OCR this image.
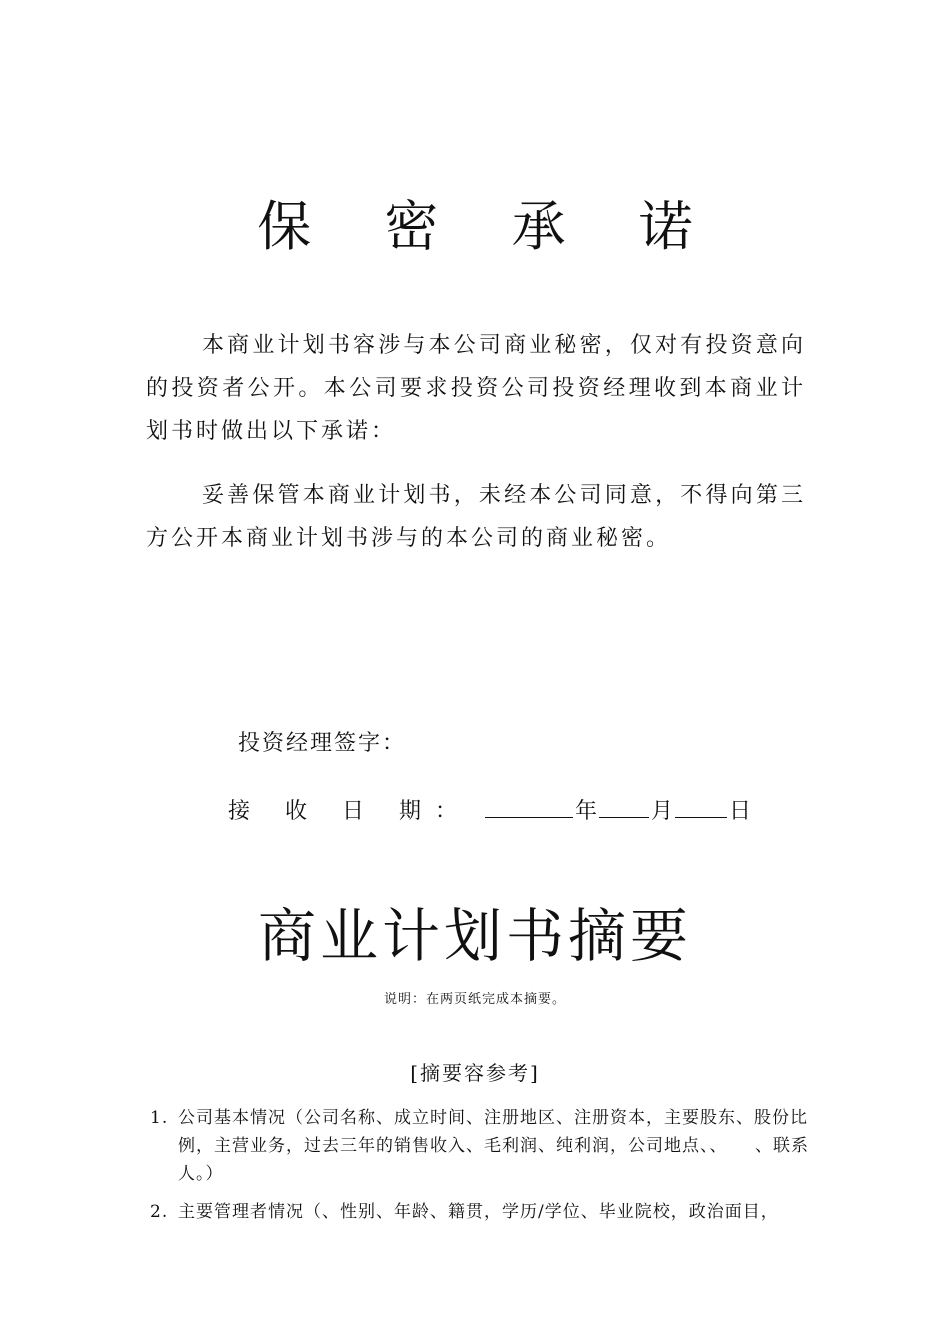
保 密 承 诺

本商业计划书容涉与本公司商业秘密，仅对有投资意向的投资者公开。本公司要求投资公司投资经理收到本商业计划书时做出以下承诺：

妥善保管本商业计划书，未经本公司同意，不得向第三方公开本商业计划书涉与的本公司的商业秘密。

投资经理签字：
接 收 日 期：	年 月	日
商业计划书摘要
说明：在两页纸完成本摘要。
[摘要容参考]
1. 公司基本情况（公司名称、成立时间、注册地区、注册资本，主要股东、股份比例，主营业务，过去三年的销售收入、毛利润、纯利润，公司地点、、　　、联系人。）
2. 主要管理者情况（、性别、年龄、籍贯，学历/学位、毕业院校，政治面目，
